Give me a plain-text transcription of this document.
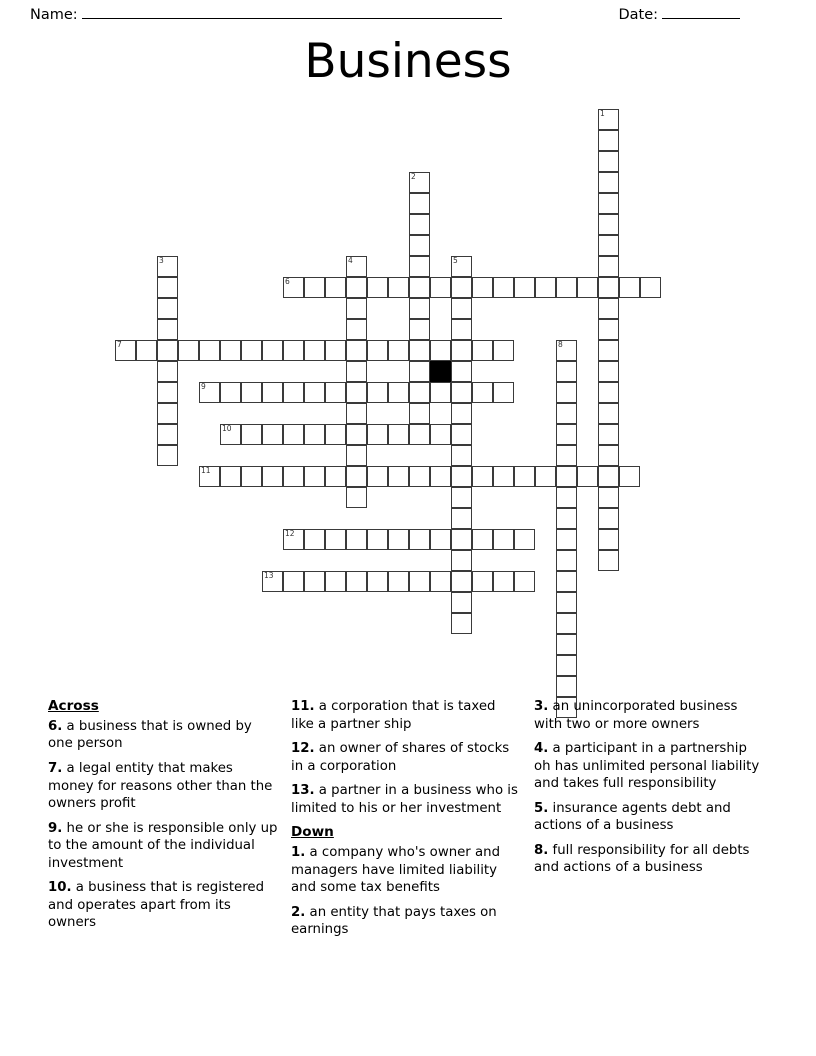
Name:	Date:
Business
6
7
9
10
11
12
13
1
2
3	4	5
8
Across
6. a business that is owned by one person
7. a legal entity that makes money for reasons other than the owners profit
9. he or she is responsible only up to the amount of the individual investment
10. a business that is registered and operates apart from its owners
11. a corporation that is taxed like a partner ship
12. an owner of shares of stocks in a corporation
13. a partner in a business who is limited to his or her investment
Down
1. a company who's owner and managers have limited liability and some tax benefits
2. an entity that pays taxes on earnings
3. an unincorporated business with two or more owners
4. a participant in a partnership oh has unlimited personal liability and takes full responsibility
5. insurance agents debt and actions of a business
8. full responsibility for all debts and actions of a business
